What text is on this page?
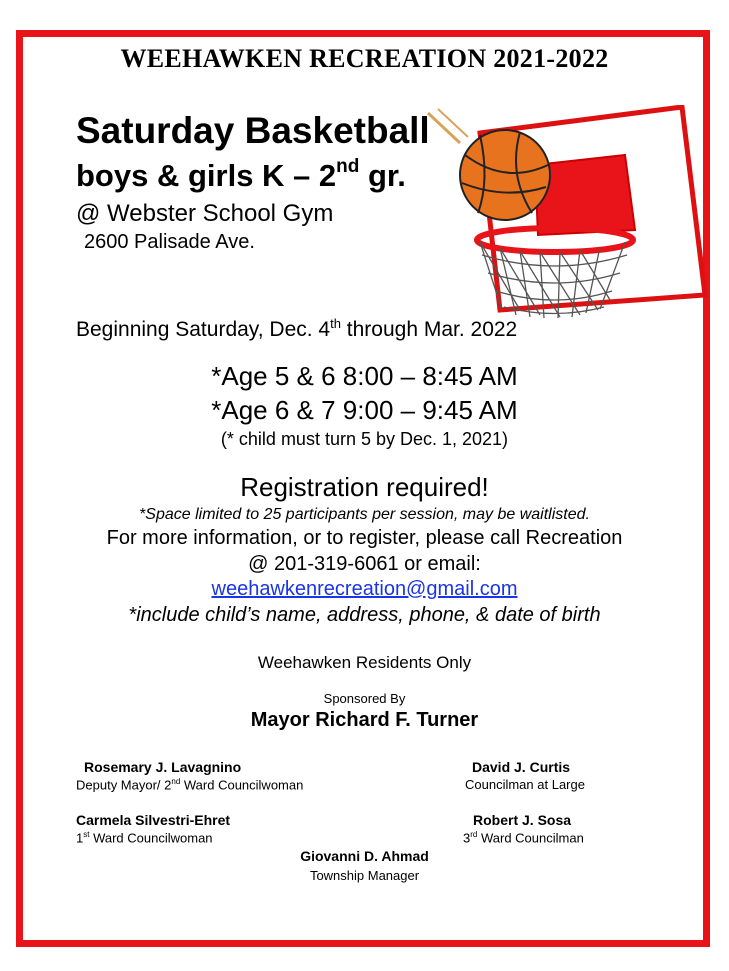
WEEHAWKEN RECREATION 2021-2022
Saturday Basketball
boys & girls K – 2nd gr.
@ Webster School Gym
2600 Palisade Ave.
Beginning Saturday, Dec. 4th through Mar. 2022
*Age 5 & 6 8:00 – 8:45 AM
*Age 6 & 7 9:00 – 9:45 AM
(* child must turn 5 by Dec. 1, 2021)
Registration required!
*Space limited to 25 participants per session, may be waitlisted.
For more information, or to register, please call Recreation
@ 201-319-6061 or email:
weehawkenrecreation@gmail.com
*include child’s name, address, phone, & date of birth
Weehawken Residents Only
Sponsored By
Mayor Richard F. Turner
Rosemary J. Lavagnino
Deputy Mayor/ 2nd Ward Councilwoman
David J. Curtis
Councilman at Large
Carmela Silvestri-Ehret
1st Ward Councilwoman
Robert J. Sosa
3rd Ward Councilman
Giovanni D. Ahmad
Township Manager
